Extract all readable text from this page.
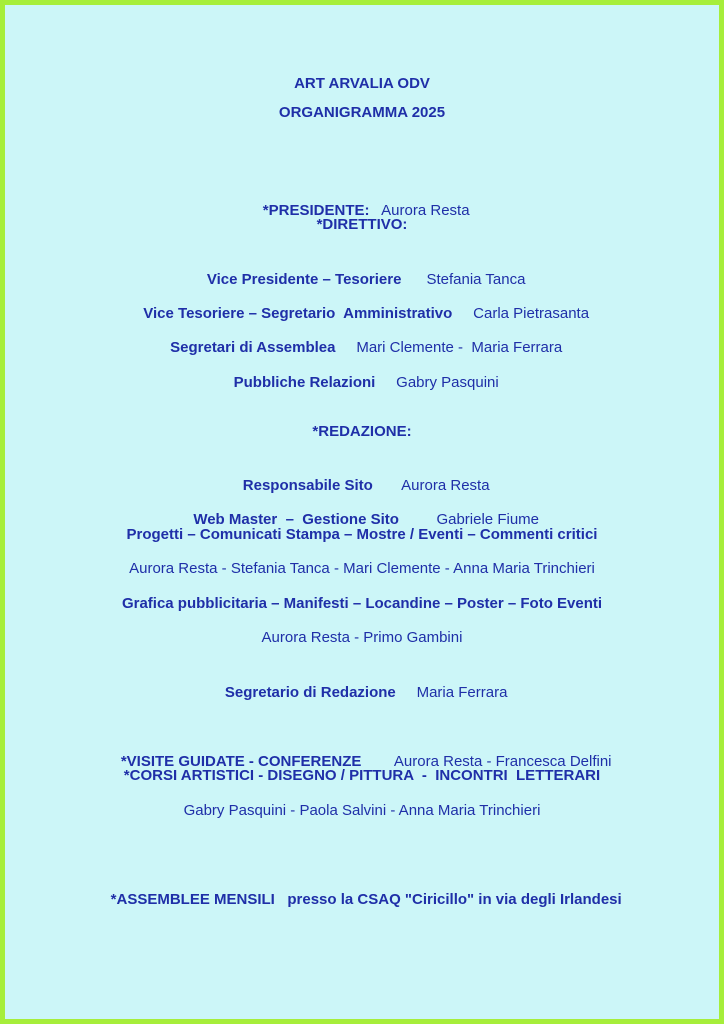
ART ARVALIA ODV
ORGANIGRAMMA 2025

*PRESIDENTE: Aurora Resta

*DIRETTIVO:

Vice Presidente – Tesoriere Stefania Tanca

Vice Tesoriere – Segretario  Amministrativo Carla Pietrasanta

Segretari di Assemblea Mari Clemente -  Maria Ferrara

Pubbliche Relazioni Gabry Pasquini

*REDAZIONE:

Responsabile Sito Aurora Resta

Web Master  –  Gestione Sito	Gabriele Fiume

Progetti – Comunicati Stampa – Mostre / Eventi – Commenti critici
Aurora Resta - Stefania Tanca - Mari Clemente - Anna Maria Trinchieri
Grafica pubblicitaria – Manifesti – Locandine – Poster – Foto Eventi
Aurora Resta - Primo Gambini

Segretario di Redazione Maria Ferrara

*VISITE GUIDATE - CONFERENZE Aurora Resta - Francesca Delfini

*CORSI ARTISTICI - DISEGNO / PITTURA  -  INCONTRI  LETTERARI
Gabry Pasquini - Paola Salvini - Anna Maria Trinchieri

*ASSEMBLEE MENSILI presso la CSAQ "Ciricillo" in via degli Irlandesi
